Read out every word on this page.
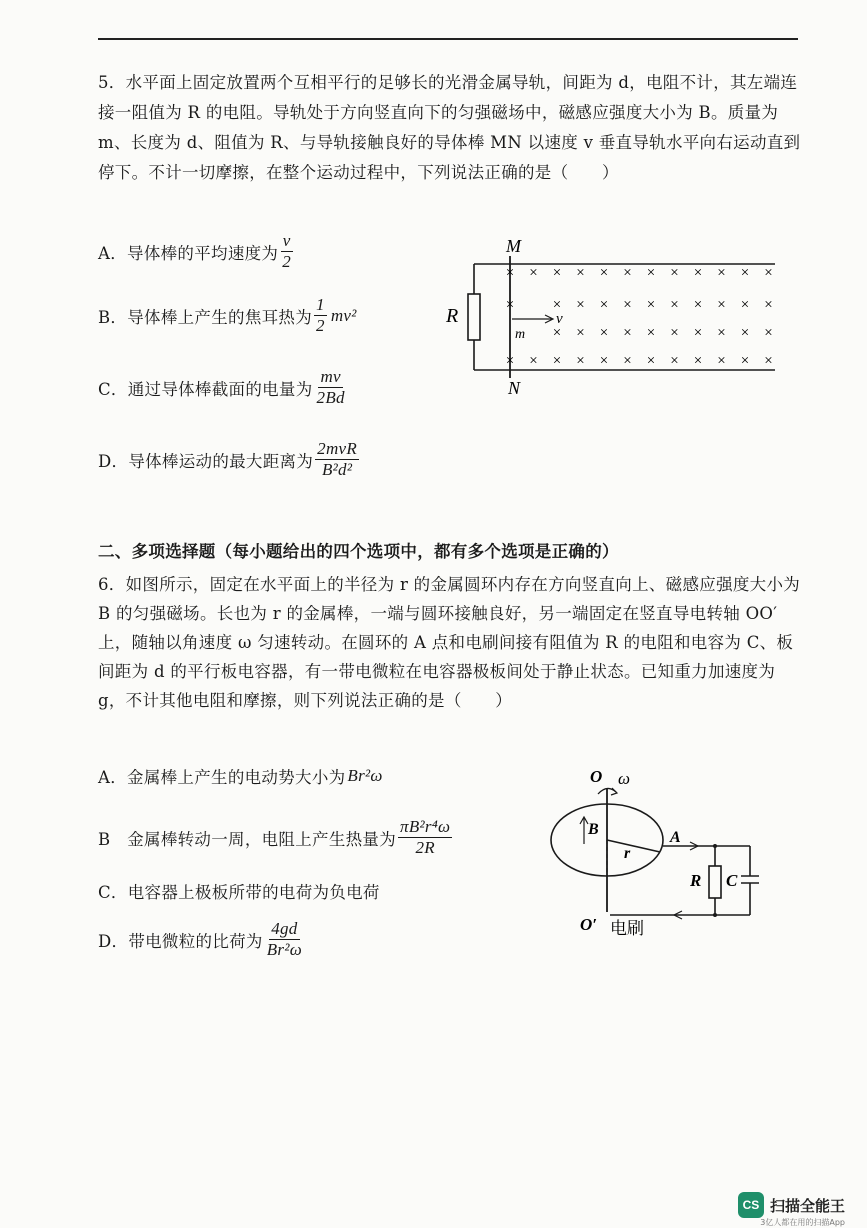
5．水平面上固定放置两个互相平行的足够长的光滑金属导轨，间距为 d，电阻不计，其左端连接一阻值为 R 的电阻。导轨处于方向竖直向下的匀强磁场中，磁感应强度大小为 B。质量为 m、长度为 d、阻值为 R、与导轨接触良好的导体棒 MN 以速度 v 垂直导轨水平向右运动直到停下。不计一切摩擦，在整个运动过程中，下列说法正确的是（　　）
A．导体棒的平均速度为
v
2
B．导体棒上产生的焦耳热为
1
2
mv²
C．通过导体棒截面的电量为
mv
2Bd
D．导体棒运动的最大距离为
2mvR
B²d²
× × × × × × × × × × × ×
×	× × × × × × × × × ×
× × × × × × × × × ×
× × × × × × × × × × × ×
M
N
R	v
m
二、多项选择题（每小题给出的四个选项中，都有多个选项是正确的）
6．如图所示，固定在水平面上的半径为 r 的金属圆环内存在方向竖直向上、磁感应强度大小为 B 的匀强磁场。长也为 r 的金属棒，一端与圆环接触良好，另一端固定在竖直导电转轴 OO′上，随轴以角速度 ω 匀速转动。在圆环的 A 点和电刷间接有阻值为 R 的电阻和电容为 C、板间距为 d 的平行板电容器，有一带电微粒在电容器极板间处于静止状态。已知重力加速度为 g，不计其他电阻和摩擦，则下列说法正确的是（　　）
A．金属棒上产生的电动势大小为 Br²ω
B　金属棒转动一周，电阻上产生热量为
πB²r⁴ω
2R
C．电容器上极板所带的电荷为负电荷
D．带电微粒的比荷为
4gd
Br²ω
O ω
B
r
A
R C
O′ 电刷
CS 扫描全能王
3亿人都在用的扫描App
